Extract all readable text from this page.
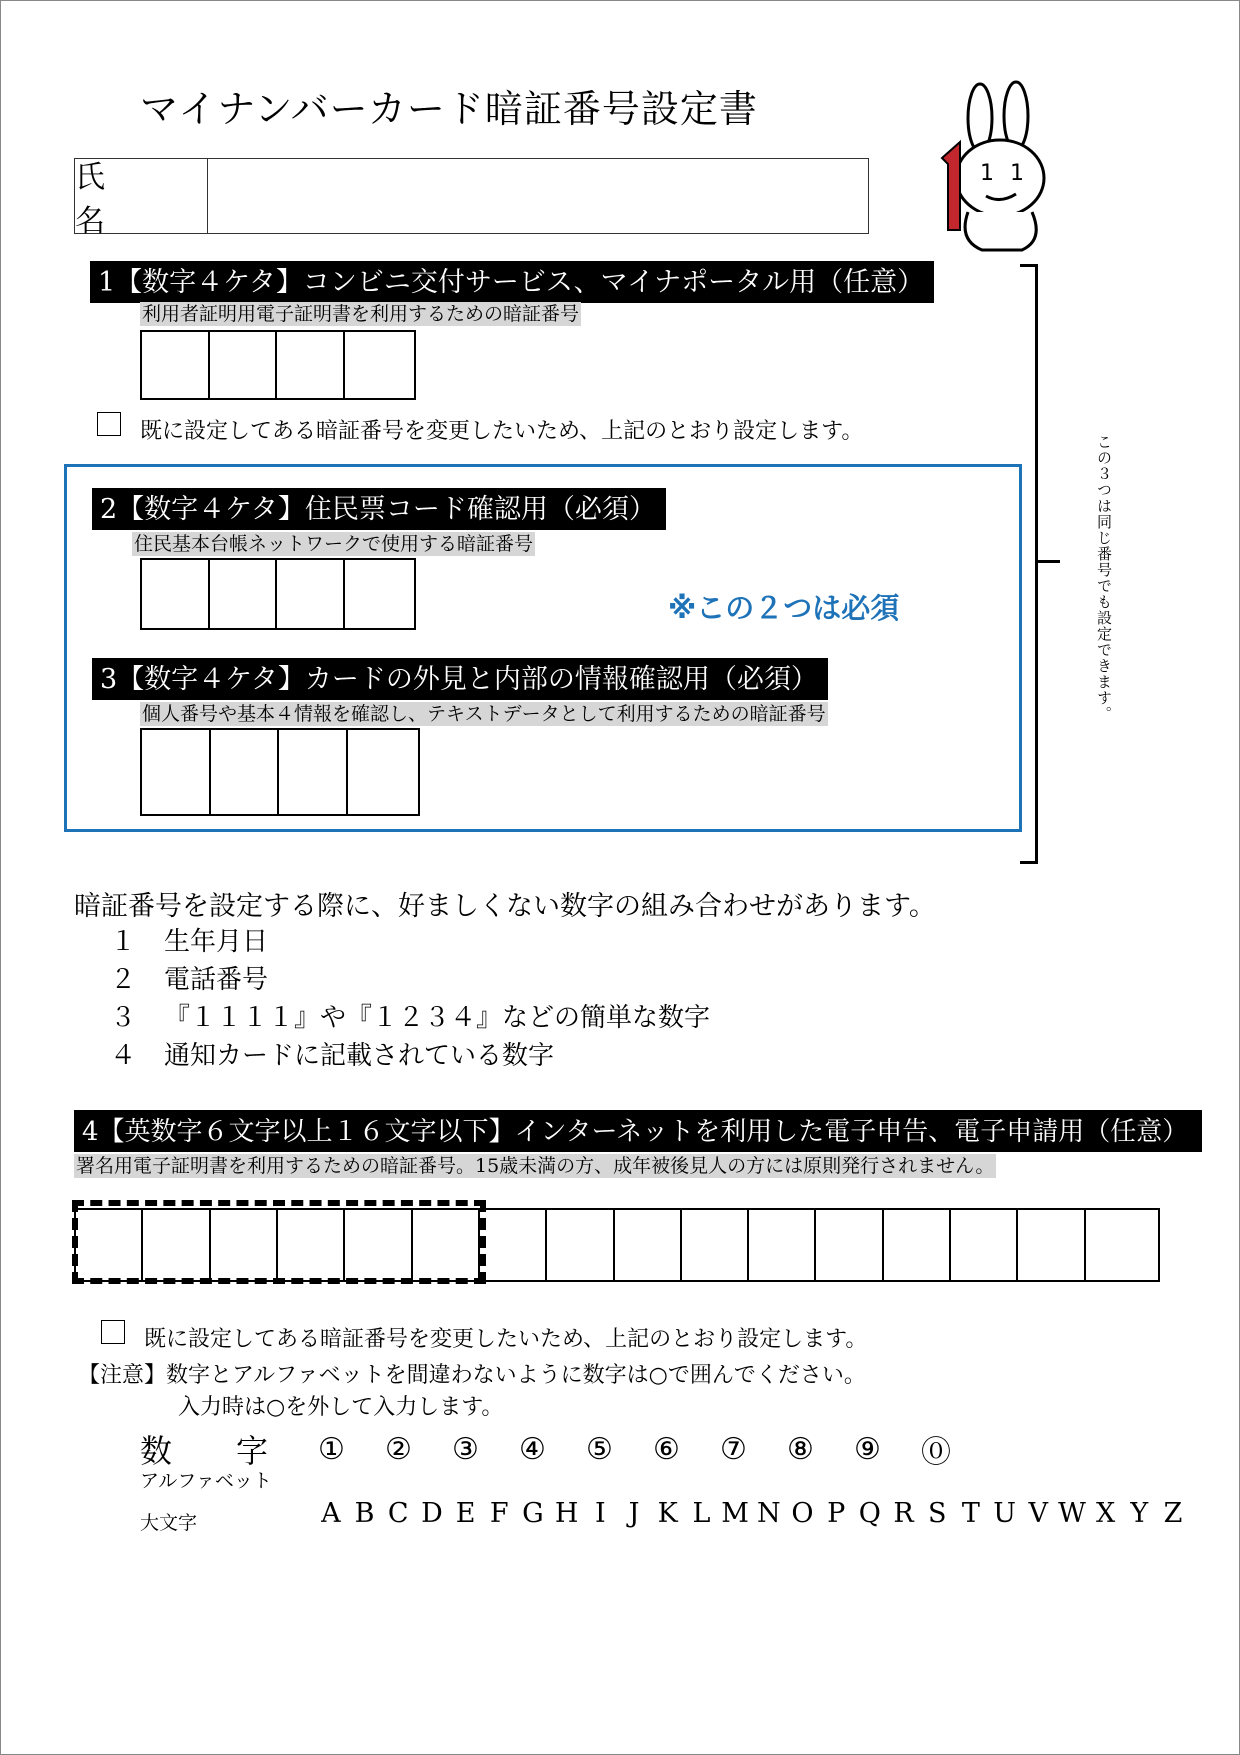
マイナンバーカード暗証番号設定書
1 1
氏　名
この３つは同じ番号でも設定できます。
1【数字４ケタ】コンビニ交付サービス、マイナポータル用（任意）
利用者証明用電子証明書を利用するための暗証番号
既に設定してある暗証番号を変更したいため、上記のとおり設定します。
2【数字４ケタ】住民票コード確認用（必須）
住民基本台帳ネットワークで使用する暗証番号
※この２つは必須
3【数字４ケタ】カードの外見と内部の情報確認用（必須）
個人番号や基本４情報を確認し、テキストデータとして利用するための暗証番号
暗証番号を設定する際に、好ましくない数字の組み合わせがあります。
１	生年月日
２	電話番号
３	『１１１１』や『１２３４』などの簡単な数字
４	通知カードに記載されている数字
4【英数字６文字以上１６文字以下】インターネットを利用した電子申告、電子申請用（任意）
署名用電子証明書を利用するための暗証番号。15歳未満の方、成年被後見人の方には原則発行されません。
既に設定してある暗証番号を変更したいため、上記のとおり設定します。
【注意】数字とアルファベットを間違わないように数字は○で囲んでください。
入力時は○を外して入力します。
数　字	①	②	③	④	⑤	⑥	⑦	⑧	⑨	⓪
アルファベット
大文字	A B C D E F G H I J K L M N O P Q R S T U V W X Y Z
